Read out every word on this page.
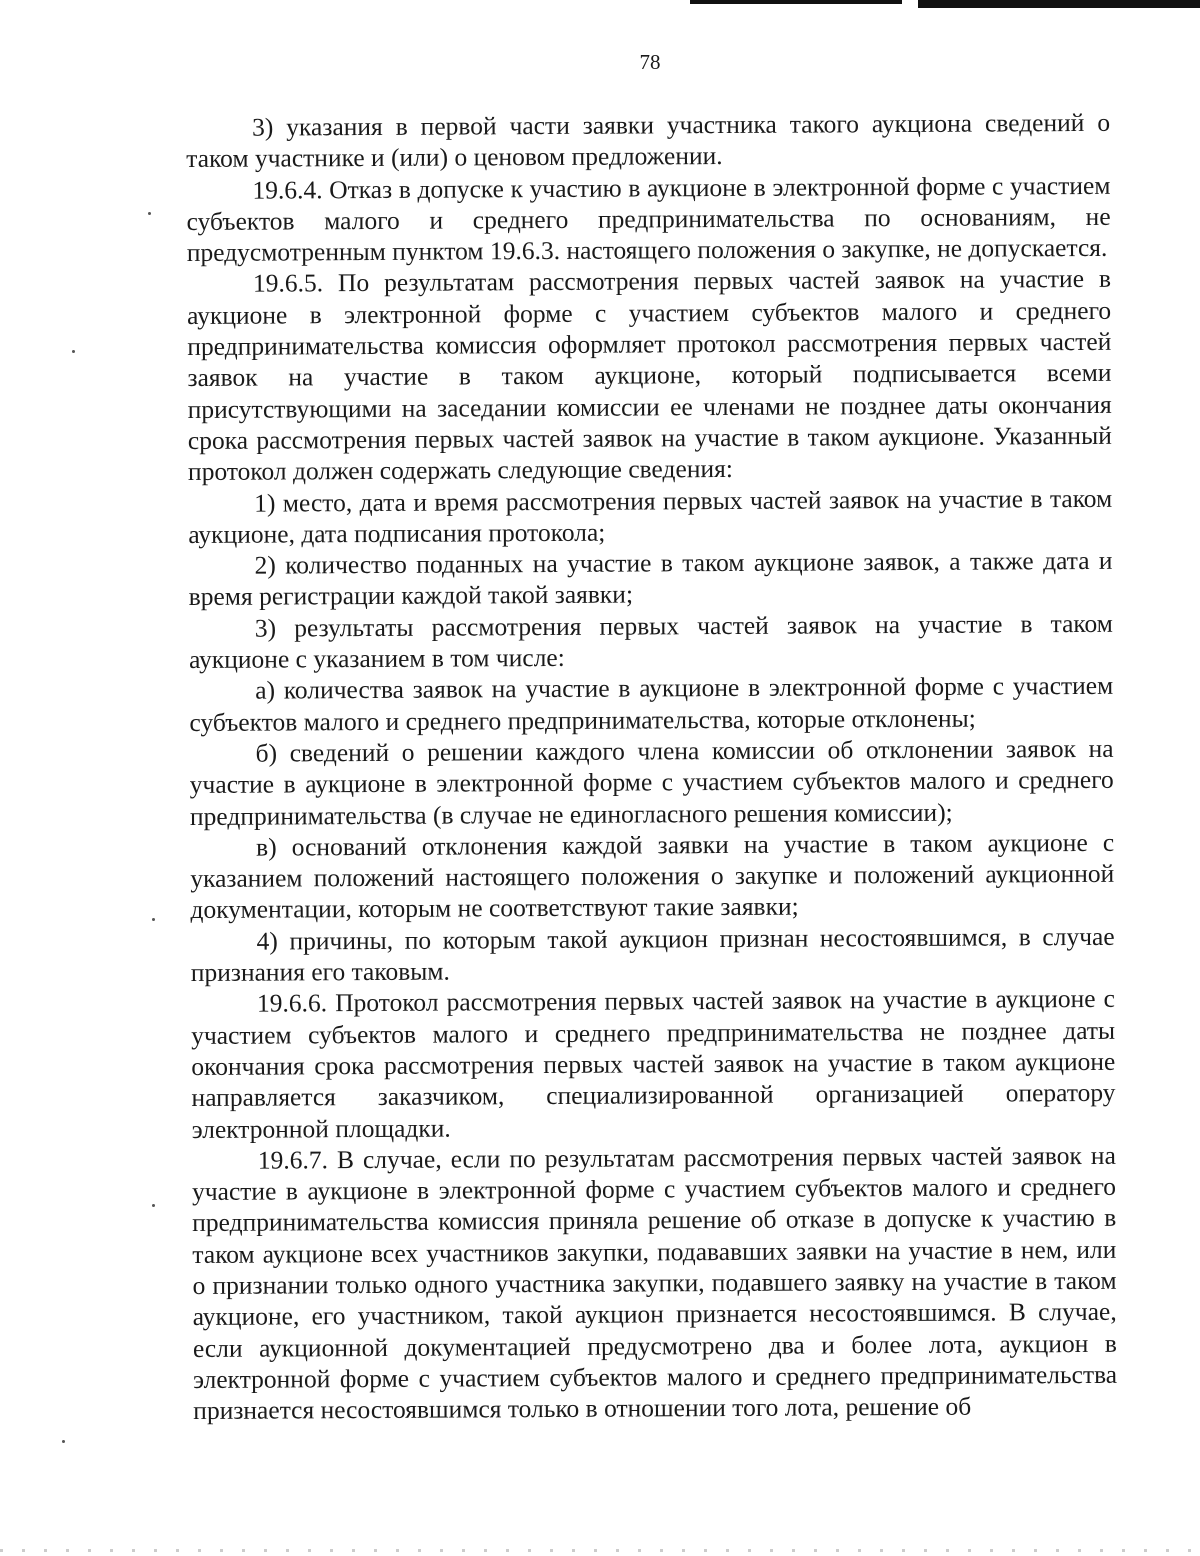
78

3) указания в первой части заявки участника такого аукциона сведений о таком участнике и (или) о ценовом предложении.

19.6.4. Отказ в допуске к участию в аукционе в электронной форме с участием субъектов малого и среднего предпринимательства по основаниям, не предусмотренным пунктом 19.6.3. настоящего положения о закупке, не допускается.

19.6.5. По результатам рассмотрения первых частей заявок на участие в аукционе в электронной форме с участием субъектов малого и среднего предпринимательства комиссия оформляет протокол рассмотрения первых частей заявок на участие в таком аукционе, который подписывается всеми присутствующими на заседании комиссии ее членами не позднее даты окончания срока рассмотрения первых частей заявок на участие в таком аукционе. Указанный протокол должен содержать следующие сведения:

1) место, дата и время рассмотрения первых частей заявок на участие в таком аукционе, дата подписания протокола;

2) количество поданных на участие в таком аукционе заявок, а также дата и время регистрации каждой такой заявки;

3) результаты рассмотрения первых частей заявок на участие в таком аукционе с указанием в том числе:

а) количества заявок на участие в аукционе в электронной форме с участием субъектов малого и среднего предпринимательства, которые отклонены;

б) сведений о решении каждого члена комиссии об отклонении заявок на участие в аукционе в электронной форме с участием субъектов малого и среднего предпринимательства (в случае не единогласного решения комиссии);

в) оснований отклонения каждой заявки на участие в таком аукционе с указанием положений настоящего положения о закупке и положений аукционной документации, которым не соответствуют такие заявки;

4) причины, по которым такой аукцион признан несостоявшимся, в случае признания его таковым.

19.6.6. Протокол рассмотрения первых частей заявок на участие в аукционе с участием субъектов малого и среднего предпринимательства не позднее даты окончания срока рассмотрения первых частей заявок на участие в таком аукционе направляется заказчиком, специализированной организацией оператору электронной площадки.

19.6.7. В случае, если по результатам рассмотрения первых частей заявок на участие в аукционе в электронной форме с участием субъектов малого и среднего предпринимательства комиссия приняла решение об отказе в допуске к участию в таком аукционе всех участников закупки, подававших заявки на участие в нем, или о признании только одного участника закупки, подавшего заявку на участие в таком аукционе, его участником, такой аукцион признается несостоявшимся. В случае, если аукционной документацией предусмотрено два и более лота, аукцион в электронной форме с участием субъектов малого и среднего предпринимательства признается несостоявшимся только в отношении того лота, решение об
